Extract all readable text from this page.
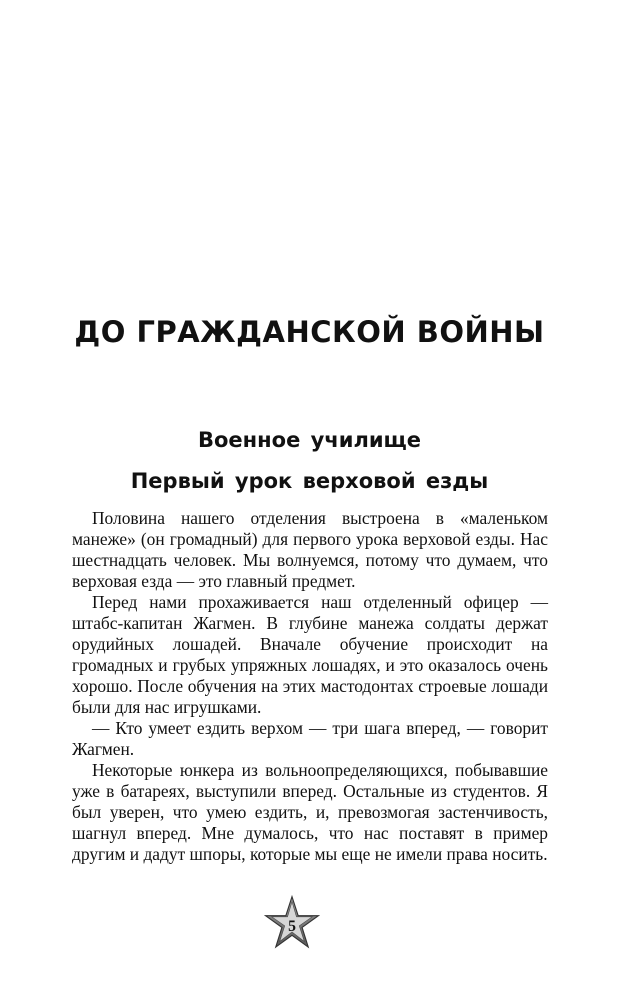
ДО ГРАЖДАНСКОЙ ВОЙНЫ
Военное училище
Первый урок верховой езды

Половина нашего отделения выстроена в «маленьком манеже» (он громадный) для первого урока верховой езды. Нас шестнадцать человек. Мы волнуемся, потому что думаем, что верховая езда — это главный предмет.

Перед нами прохаживается наш отделенный офицер — штабс-капитан Жагмен. В глубине манежа солдаты держат орудийных лошадей. Вначале обучение происходит на громадных и грубых упряжных лошадях, и это оказалось очень хорошо. После обучения на этих мастодонтах строевые лошади были для нас игрушками.

— Кто умеет ездить верхом — три шага вперед, — говорит Жагмен.

Некоторые юнкера из вольноопределяющихся, побывавшие уже в батареях, выступили вперед. Остальные из студентов. Я был уверен, что умею ездить, и, превозмогая застенчивость, шагнул вперед. Мне думалось, что нас поставят в пример другим и дадут шпоры, которые мы еще не имели права носить.

5
